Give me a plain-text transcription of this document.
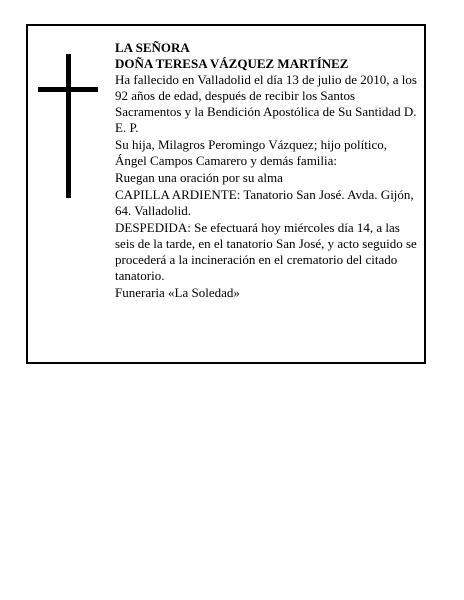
LA SEÑORA

DOÑA TERESA VÁZQUEZ MARTÍNEZ

Ha fallecido en Valladolid el día 13 de julio de 2010, a los 92 años de edad, después de recibir los Santos Sacramentos y la Bendición Apostólica de Su Santidad D. E. P.

Su hija, Milagros Peromingo Vázquez; hijo político, Ángel Campos Camarero y demás familia:

Ruegan una oración por su alma

CAPILLA ARDIENTE: Tanatorio San José. Avda. Gijón, 64. Valladolid.

DESPEDIDA: Se efectuará hoy miércoles día 14, a las seis de la tarde, en el tanatorio San José, y acto seguido se procederá a la incineración en el crematorio del citado tanatorio.

Funeraria «La Soledad»
